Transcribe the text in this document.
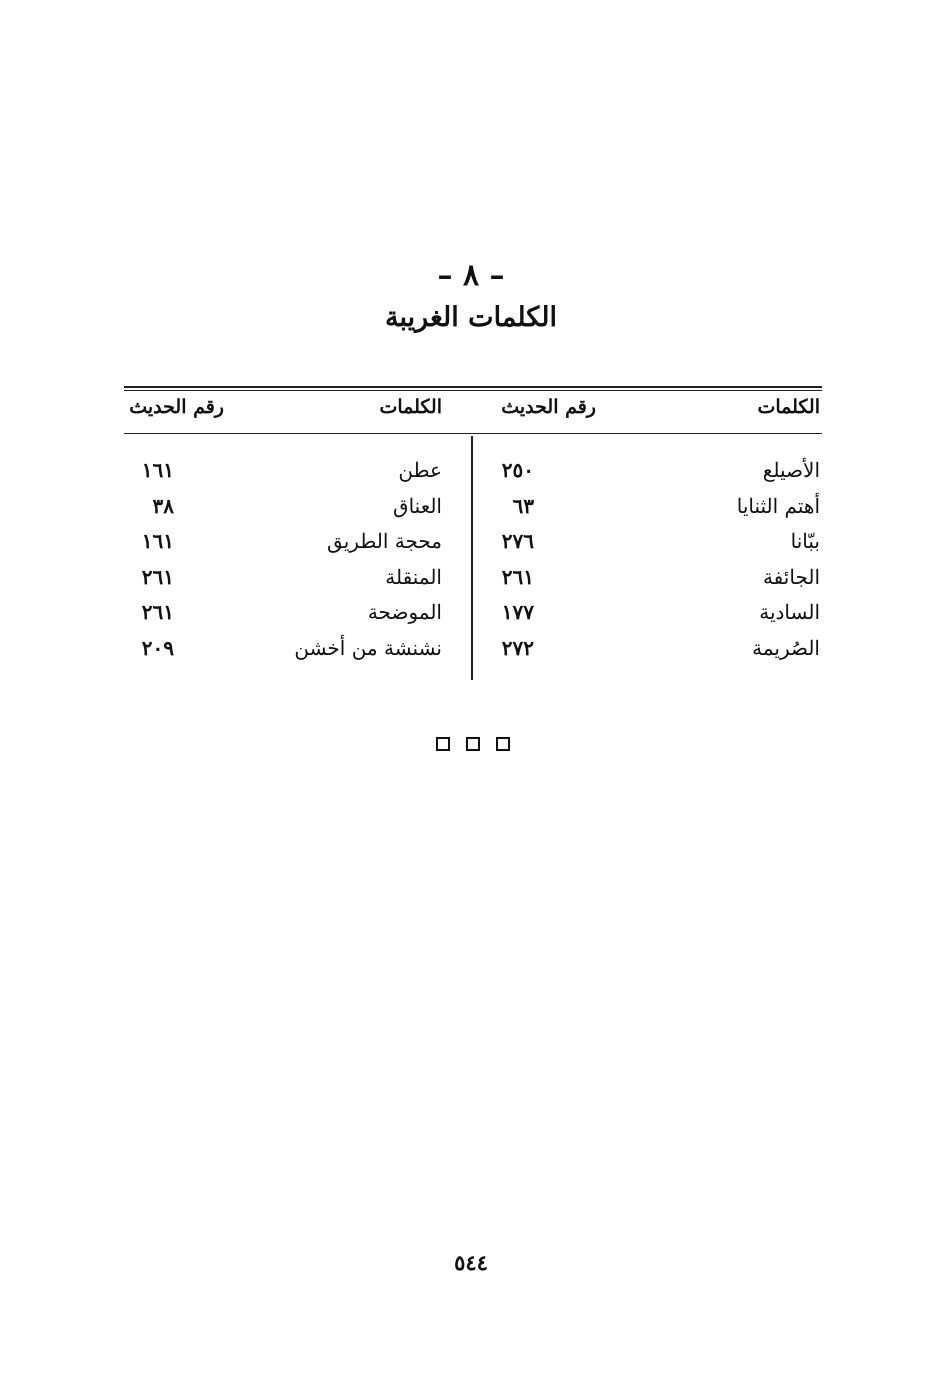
– ٨ –
الكلمات الغريبة
الكلمات
رقم الحديث
الأصيلع
٢٥٠
أهتم الثنايا
٦٣
ببّانا
٢٧٦
الجائفة
٢٦١
السادية
١٧٧
الصُريمة
٢٧٢
الكلمات
رقم الحديث
عطن
١٦١
العناق
٣٨
محجة الطريق
١٦١
المنقلة
٢٦١
الموضحة
٢٦١
نشنشة من أخشن
٢٠٩
٥٤٤
